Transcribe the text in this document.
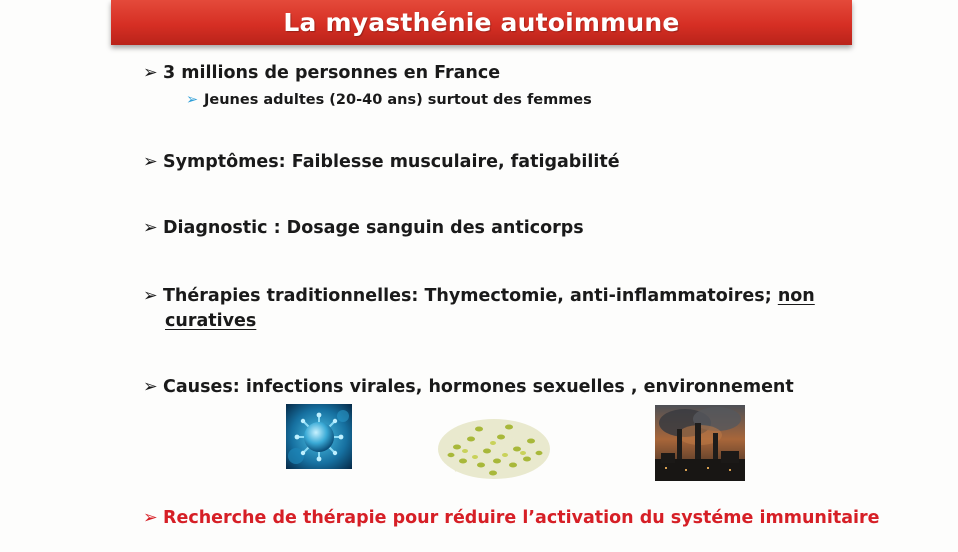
La myasthénie autoimmune
➢ 3 millions de personnes en France
➢ Jeunes adultes (20-40 ans) surtout des femmes
➢ Symptômes: Faiblesse musculaire, fatigabilité
➢ Diagnostic : Dosage sanguin des anticorps
➢ Thérapies traditionnelles: Thymectomie, anti-inflammatoires; non
curatives
➢ Causes: infections virales, hormones sexuelles , environnement
➢ Recherche de thérapie pour réduire l’activation du systéme immunitaire
